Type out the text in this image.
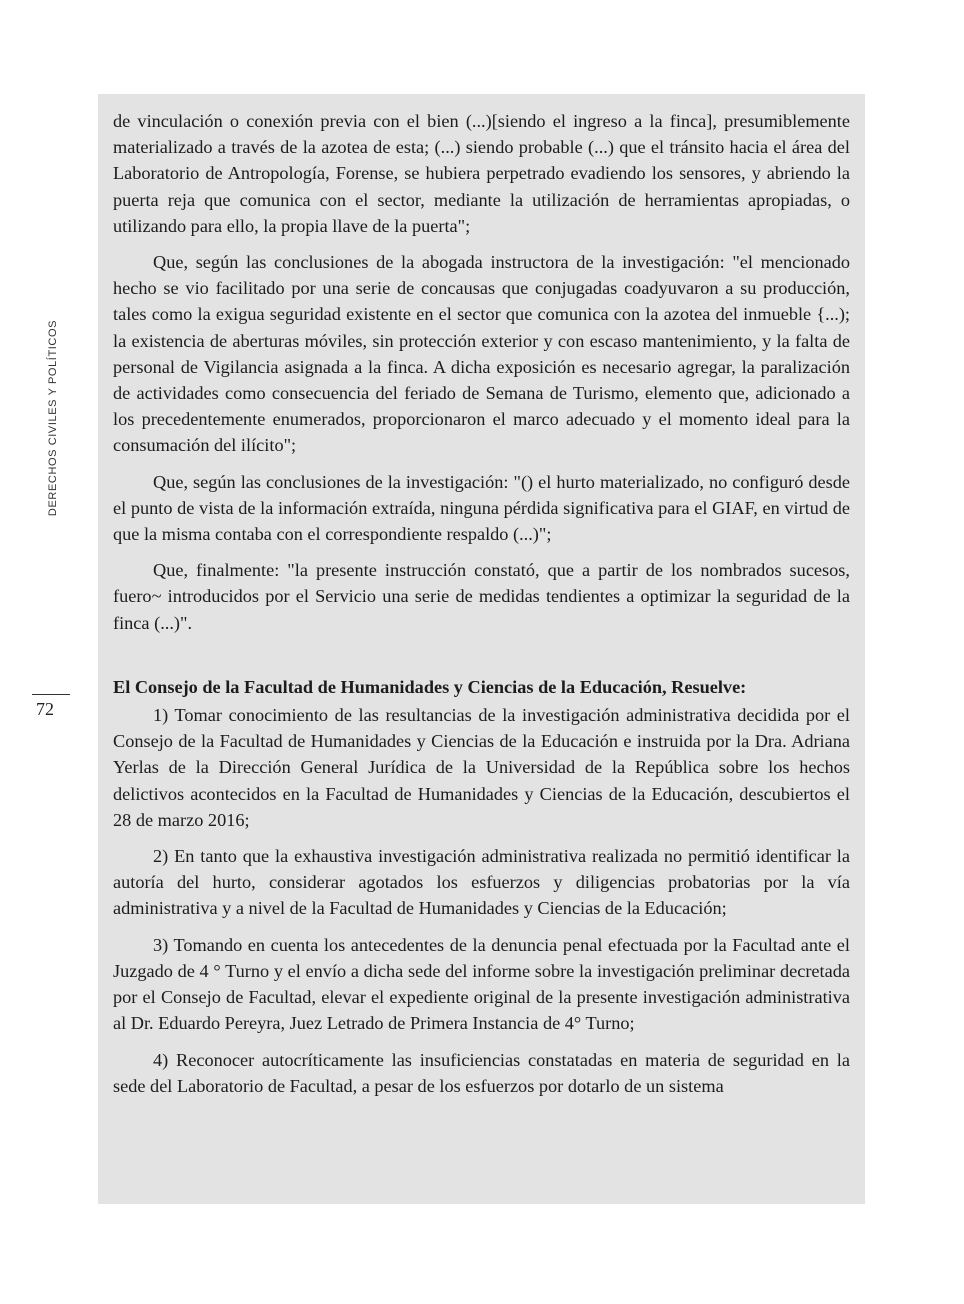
DERECHOS CIVILES Y POLÍTICOS
72

de vinculación o conexión previa con el bien (...)[siendo el ingreso a la finca], presumiblemente materializado a través de la azotea de esta; (...) siendo probable (...) que el tránsito hacia el área del Laboratorio de Antropología, Forense, se hubiera perpetrado evadiendo los sensores, y abriendo la puerta reja que comunica con el sector, mediante la utilización de herramientas apropiadas, o utilizando para ello, la propia llave de la puerta";

Que, según las conclusiones de la abogada instructora de la investigación: "el mencionado hecho se vio facilitado por una serie de concausas que conjugadas coadyuvaron a su producción, tales como la exigua seguridad existente en el sector que comunica con la azotea del inmueble {...); la existencia de aberturas móviles, sin protección exterior y con escaso mantenimiento, y la falta de personal de Vigilancia asignada a la finca. A dicha exposición es necesario agregar, la paralización de actividades como consecuencia del feriado de Semana de Turismo, elemento que, adicionado a los precedentemente enumerados, proporcionaron el marco adecuado y el momento ideal para la consumación del ilícito";

Que, según las conclusiones de la investigación: "() el hurto materializado, no configuró desde el punto de vista de la información extraída, ninguna pérdida significativa para el GIAF, en virtud de que la misma contaba con el correspondiente respaldo (...)";

Que, finalmente: "la presente instrucción constató, que a partir de los nombrados sucesos, fuero~ introducidos por el Servicio una serie de medidas tendientes a optimizar la seguridad de la finca (...)".

El Consejo de la Facultad de Humanidades y Ciencias de la Educación, Resuelve:

1) Tomar conocimiento de las resultancias de la investigación administrativa decidida por el Consejo de la Facultad de Humanidades y Ciencias de la Educación e instruida por la Dra. Adriana Yerlas de la Dirección General Jurídica de la Universidad de la República sobre los hechos delictivos acontecidos en la Facultad de Humanidades y Ciencias de la Educación, descubiertos el 28 de marzo 2016;

2) En tanto que la exhaustiva investigación administrativa realizada no permitió identificar la autoría del hurto, considerar agotados los esfuerzos y diligencias probatorias por la vía administrativa y a nivel de la Facultad de Humanidades y Ciencias de la Educación;

3) Tomando en cuenta los antecedentes de la denuncia penal efectuada por la Facultad ante el Juzgado de 4 ° Turno y el envío a dicha sede del informe sobre la investigación preliminar decretada por el Consejo de Facultad, elevar el expediente original de la presente investigación administrativa al Dr. Eduardo Pereyra, Juez Letrado de Primera Instancia de 4° Turno;

4) Reconocer autocríticamente las insuficiencias constatadas en materia de seguridad en la sede del Laboratorio de Facultad, a pesar de los esfuerzos por dotarlo de un sistema
